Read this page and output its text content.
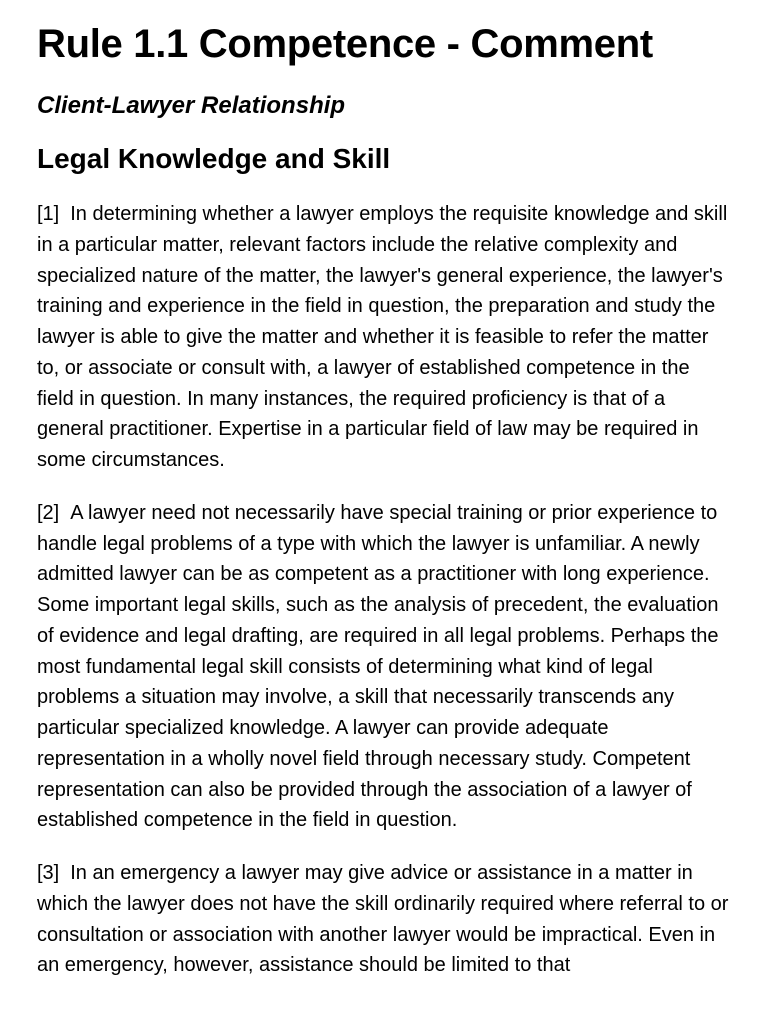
Rule 1.1 Competence - Comment
Client-Lawyer Relationship
Legal Knowledge and Skill

[1] In determining whether a lawyer employs the requisite knowledge and skill in a particular matter, relevant factors include the relative complexity and specialized nature of the matter, the lawyer's general experience, the lawyer's training and experience in the field in question, the preparation and study the lawyer is able to give the matter and whether it is feasible to refer the matter to, or associate or consult with, a lawyer of established competence in the field in question. In many instances, the required proficiency is that of a general practitioner. Expertise in a particular field of law may be required in some circumstances.

[2] A lawyer need not necessarily have special training or prior experience to handle legal problems of a type with which the lawyer is unfamiliar. A newly admitted lawyer can be as competent as a practitioner with long experience. Some important legal skills, such as the analysis of precedent, the evaluation of evidence and legal drafting, are required in all legal problems. Perhaps the most fundamental legal skill consists of determining what kind of legal problems a situation may involve, a skill that necessarily transcends any particular specialized knowledge. A lawyer can provide adequate representation in a wholly novel field through necessary study. Competent representation can also be provided through the association of a lawyer of established competence in the field in question.

[3] In an emergency a lawyer may give advice or assistance in a matter in which the lawyer does not have the skill ordinarily required where referral to or consultation or association with another lawyer would be impractical. Even in an emergency, however, assistance should be limited to that
